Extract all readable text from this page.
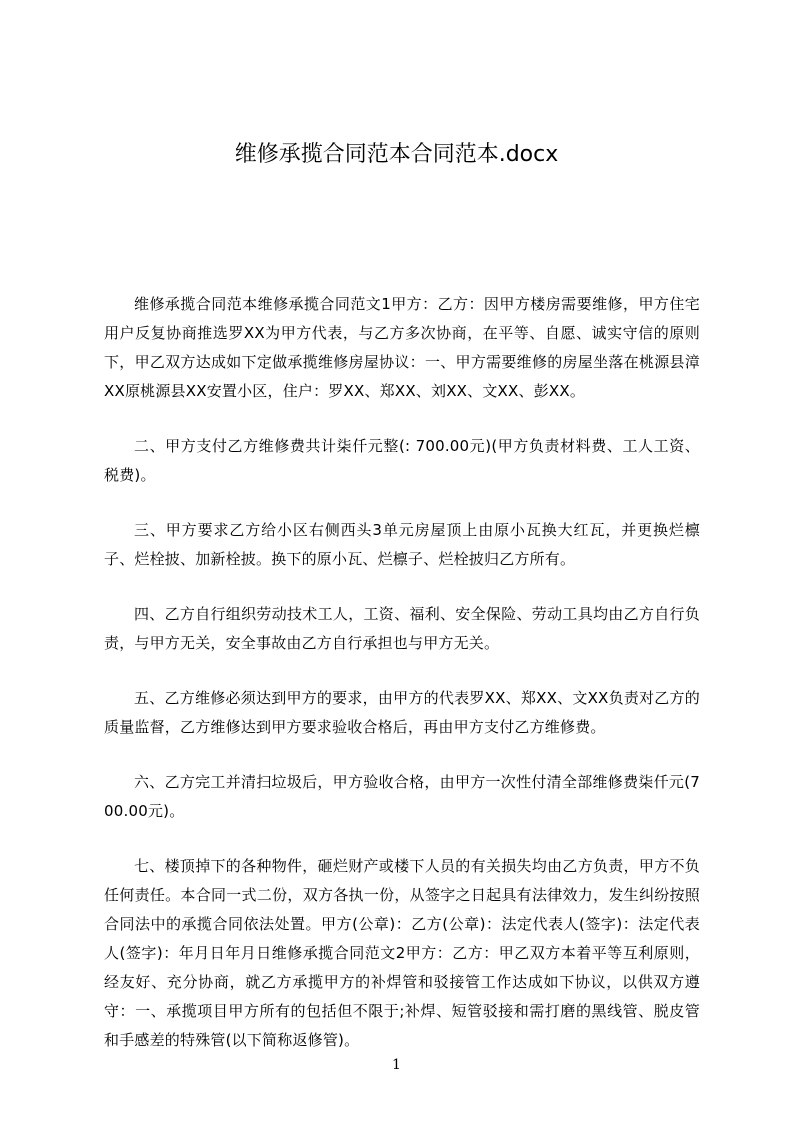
维修承揽合同范本合同范本.docx

维修承揽合同范本维修承揽合同范文1甲方：乙方：因甲方楼房需要维修，甲方住宅用户反复协商推选罗XX为甲方代表，与乙方多次协商，在平等、自愿、诚实守信的原则下，甲乙双方达成如下定做承揽维修房屋协议：一、甲方需要维修的房屋坐落在桃源县漳XX原桃源县XX安置小区，住户：罗XX、郑XX、刘XX、文XX、彭XX。

二、甲方支付乙方维修费共计柒仟元整(: 700.00元)(甲方负责材料费、工人工资、税费)。

三、甲方要求乙方给小区右侧西头3单元房屋顶上由原小瓦换大红瓦，并更换烂檩子、烂栓披、加新栓披。换下的原小瓦、烂檩子、烂栓披归乙方所有。

四、乙方自行组织劳动技术工人，工资、福利、安全保险、劳动工具均由乙方自行负责，与甲方无关，安全事故由乙方自行承担也与甲方无关。

五、乙方维修必须达到甲方的要求，由甲方的代表罗XX、郑XX、文XX负责对乙方的质量监督，乙方维修达到甲方要求验收合格后，再由甲方支付乙方维修费。

六、乙方完工并清扫垃圾后，甲方验收合格，由甲方一次性付清全部维修费柒仟元(700.00元)。

七、楼顶掉下的各种物件，砸烂财产或楼下人员的有关损失均由乙方负责，甲方不负任何责任。本合同一式二份，双方各执一份，从签字之日起具有法律效力，发生纠纷按照合同法中的承揽合同依法处置。甲方(公章)：乙方(公章)：法定代表人(签字)：法定代表人(签字)：年月日年月日维修承揽合同范文2甲方：乙方：甲乙双方本着平等互利原则，经友好、充分协商，就乙方承揽甲方的补焊管和驳接管工作达成如下协议，以供双方遵守：一、承揽项目甲方所有的包括但不限于;补焊、短管驳接和需打磨的黑线管、脱皮管和手感差的特殊管(以下简称返修管)。

1
